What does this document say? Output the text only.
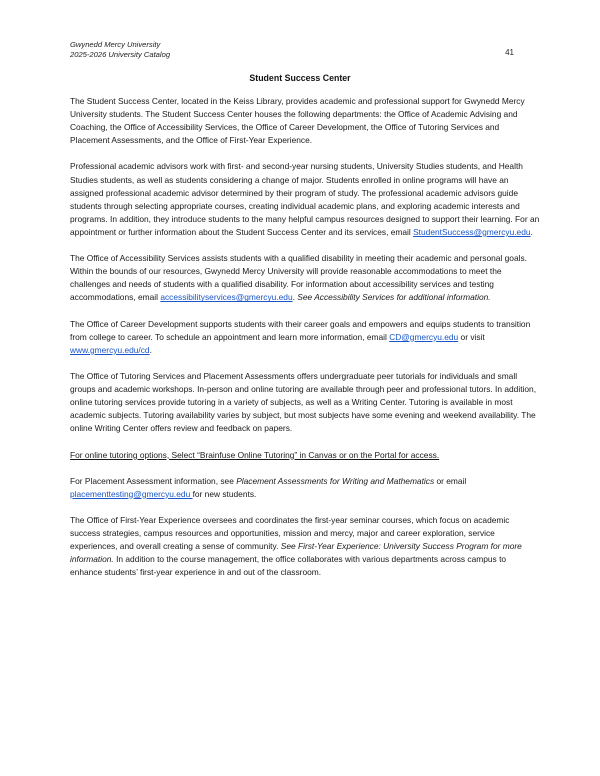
Gwynedd Mercy University
2025-2026 University Catalog	41
Student Success Center

The Student Success Center, located in the Keiss Library, provides academic and professional support for Gwynedd Mercy University students. The Student Success Center houses the following departments: the Office of Academic Advising and Coaching, the Office of Accessibility Services, the Office of Career Development, the Office of Tutoring Services and Placement Assessments, and the Office of First-Year Experience.

Professional academic advisors work with first- and second-year nursing students, University Studies students, and Health Studies students, as well as students considering a change of major. Students enrolled in online programs will have an assigned professional academic advisor determined by their program of study. The professional academic advisors guide students through selecting appropriate courses, creating individual academic plans, and exploring academic interests and programs. In addition, they introduce students to the many helpful campus resources designed to support their learning. For an appointment or further information about the Student Success Center and its services, email StudentSuccess@gmercyu.edu.

The Office of Accessibility Services assists students with a qualified disability in meeting their academic and personal goals. Within the bounds of our resources, Gwynedd Mercy University will provide reasonable accommodations to meet the challenges and needs of students with a qualified disability. For information about accessibility services and testing accommodations, email accessibilityservices@gmercyu.edu. See Accessibility Services for additional information.

The Office of Career Development supports students with their career goals and empowers and equips students to transition from college to career. To schedule an appointment and learn more information, email CD@gmercyu.edu or visit www.gmercyu.edu/cd.

The Office of Tutoring Services and Placement Assessments offers undergraduate peer tutorials for individuals and small groups and academic workshops. In-person and online tutoring are available through peer and professional tutors. In addition, online tutoring services provide tutoring in a variety of subjects, as well as a Writing Center. Tutoring is available in most academic subjects. Tutoring availability varies by subject, but most subjects have some evening and weekend availability. The online Writing Center offers review and feedback on papers.

For online tutoring options, Select “Brainfuse Online Tutoring” in Canvas or on the Portal for access.

For Placement Assessment information, see Placement Assessments for Writing and Mathematics or email placementtesting@gmercyu.edu for new students.

The Office of First-Year Experience oversees and coordinates the first-year seminar courses, which focus on academic success strategies, campus resources and opportunities, mission and mercy, major and career exploration, service experiences, and overall creating a sense of community. See First-Year Experience: University Success Program for more information. In addition to the course management, the office collaborates with various departments across campus to enhance students’ first-year experience in and out of the classroom.
